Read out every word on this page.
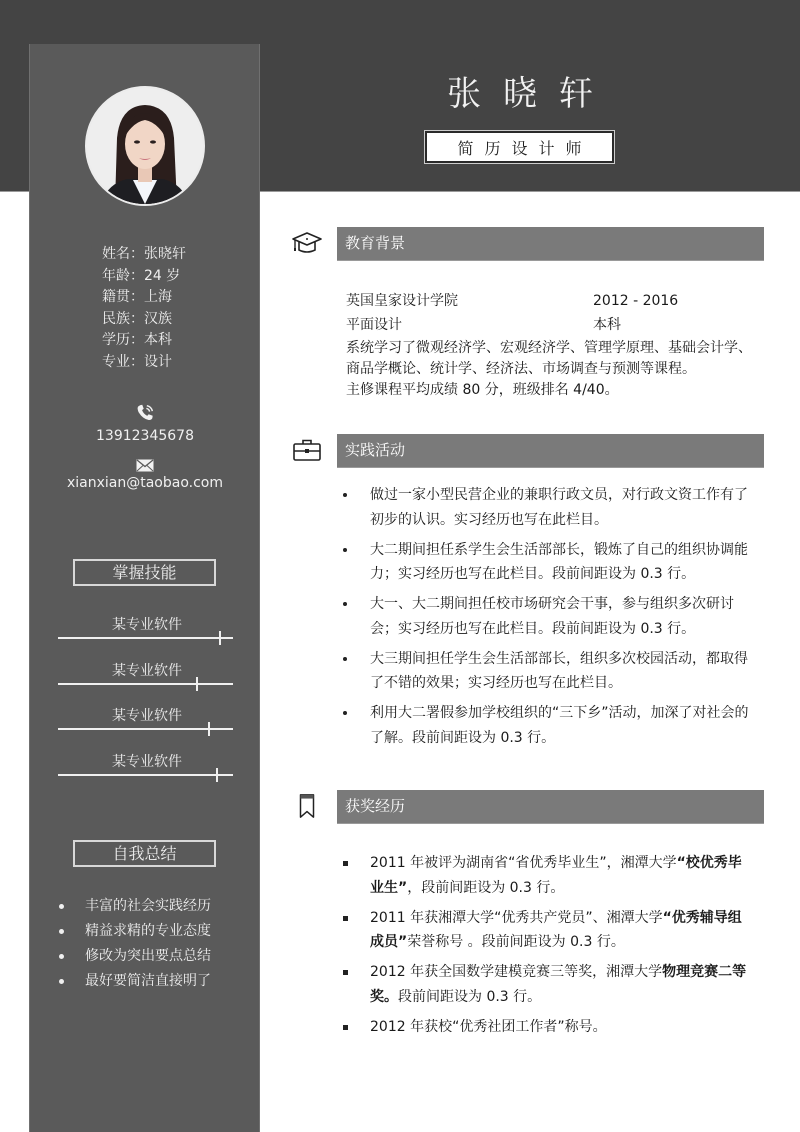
张晓轩
简历设计师
姓名：张晓轩
年龄：24 岁
籍贯：上海
民族：汉族
学历：本科
专业：设计
13912345678
xianxian@taobao.com
掌握技能
某专业软件
某专业软件
某专业软件
某专业软件
自我总结
丰富的社会实践经历
精益求精的专业态度
修改为突出要点总结
最好要简洁直接明了
教育背景
英国皇家设计学院	2012 - 2016
平面设计	本科
系统学习了微观经济学、宏观经济学、管理学原理、基础会计学、
商品学概论、统计学、经济法、市场调查与预测等课程。
主修课程平均成绩 80 分，班级排名 4/40。
实践活动
做过一家小型民营企业的兼职行政文员，对行政文资工作有了初步的认识。实习经历也写在此栏目。
大二期间担任系学生会生活部部长，锻炼了自己的组织协调能力；实习经历也写在此栏目。段前间距设为 0.3 行。
大一、大二期间担任校市场研究会干事，参与组织多次研讨会；实习经历也写在此栏目。段前间距设为 0.3 行。
大三期间担任学生会生活部部长，组织多次校园活动，都取得了不错的效果；实习经历也写在此栏目。
利用大二署假参加学校组织的“三下乡”活动，加深了对社会的了解。段前间距设为 0.3 行。
获奖经历
2011 年被评为湖南省“省优秀毕业生”，湘潭大学“校优秀毕业生”，段前间距设为 0.3 行。
2011 年获湘潭大学“优秀共产党员”、湘潭大学“优秀辅导组成员”荣誉称号 。段前间距设为 0.3 行。
2012 年获全国数学建模竞赛三等奖，湘潭大学物理竞赛二等奖。段前间距设为 0.3 行。
2012 年获校“优秀社团工作者”称号。
